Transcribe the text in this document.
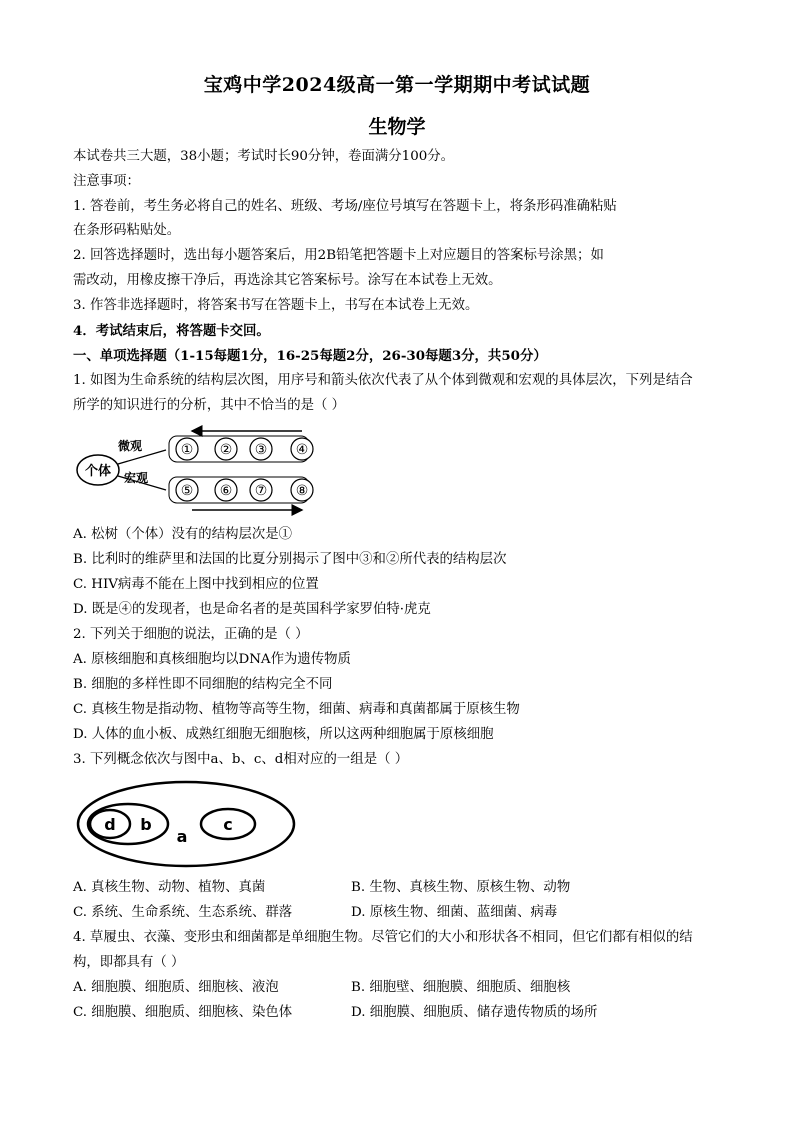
宝鸡中学2024级高一第一学期期中考试试题
生物学
本试卷共三大题，38小题；考试时长90分钟，卷面满分100分。
注意事项：
1. 答卷前，考生务必将自己的姓名、班级、考场/座位号填写在答题卡上，将条形码准确粘贴
在条形码粘贴处。
2. 回答选择题时，选出每小题答案后，用2B铅笔把答题卡上对应题目的答案标号涂黑；如
需改动，用橡皮擦干净后，再选涂其它答案标号。涂写在本试卷上无效。
3. 作答非选择题时，将答案书写在答题卡上，书写在本试卷上无效。
4．考试结束后，将答题卡交回。
一、单项选择题（1-15每题1分，16-25每题2分，26-30每题3分，共50分）
1. 如图为生命系统的结构层次图，用序号和箭头依次代表了从个体到微观和宏观的具体层次，下列是结合
所学的知识进行的分析，其中不恰当的是（ ）
个体
微观
宏观
① ② ③ ④
⑤ ⑥ ⑦ ⑧
A. 松树（个体）没有的结构层次是①
B. 比利时的维萨里和法国的比夏分别揭示了图中③和②所代表的结构层次
C. HIV病毒不能在上图中找到相应的位置
D. 既是④的发现者，也是命名者的是英国科学家罗伯特·虎克
2. 下列关于细胞的说法，正确的是（ ）
A. 原核细胞和真核细胞均以DNA作为遗传物质
B. 细胞的多样性即不同细胞的结构完全不同
C. 真核生物是指动物、植物等高等生物，细菌、病毒和真菌都属于原核生物
D. 人体的血小板、成熟红细胞无细胞核，所以这两种细胞属于原核细胞
3. 下列概念依次与图中a、b、c、d相对应的一组是（ ）
d b
a
c
A. 真核生物、动物、植物、真菌	B. 生物、真核生物、原核生物、动物
C. 系统、生命系统、生态系统、群落	D. 原核生物、细菌、蓝细菌、病毒
4. 草履虫、衣藻、变形虫和细菌都是单细胞生物。尽管它们的大小和形状各不相同，但它们都有相似的结
构，即都具有（ ）
A. 细胞膜、细胞质、细胞核、液泡	B. 细胞壁、细胞膜、细胞质、细胞核
C. 细胞膜、细胞质、细胞核、染色体	D. 细胞膜、细胞质、储存遗传物质的场所
